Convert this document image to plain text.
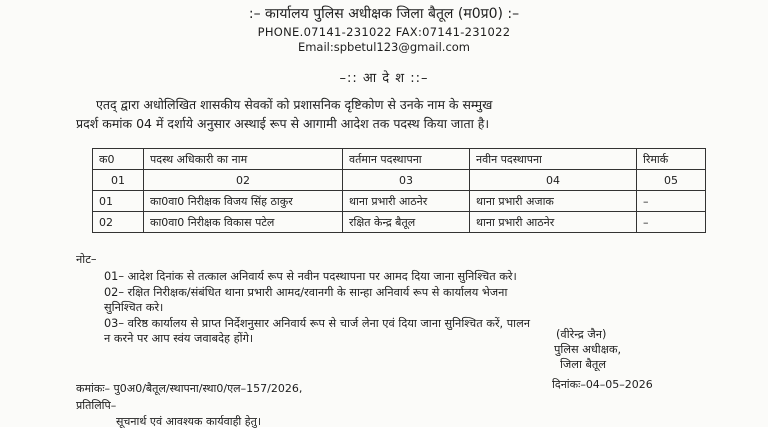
:– कार्यालय पुलिस अधीक्षक जिला बैतूल (म0प्र0) :–
PHONE.07141-231022 FAX:07141-231022
Email:spbetul123@gmail.com
–:: आ दे श ::–
एतद् द्वारा अधोलिखित शासकीय सेवकों को प्रशासनिक दृष्टिकोण से उनके नाम के सम्मुख
प्रदर्श कमांक 04 में दर्शाये अनुसार अस्थाई रूप से आगामी आदेश तक पदस्थ किया जाता है।
क0	पदस्थ अधिकारी का नाम	वर्तमान पदस्थापना	नवीन पदस्थापना	रिमार्क
01	02	03	04	05
01	का0वा0 निरीक्षक विजय सिंह ठाकुर	थाना प्रभारी आठनेर	थाना प्रभारी अजाक	–
02	का0वा0 निरीक्षक विकास पटेल	रक्षित केन्द्र बैतूल	थाना प्रभारी आठनेर	–
नोट–
01– आदेश दिनांक से तत्काल अनिवार्य रूप से नवीन पदस्थापना पर आमद दिया जाना सुनिश्चित करे।
02– रक्षित निरीक्षक/संबंधित थाना प्रभारी आमद/रवानगी के सान्हा अनिवार्य रूप से कार्यालय भेजना
सुनिश्चित करे।
03– वरिष्ठ कार्यालय से प्राप्त निर्देशनुसार अनिवार्य रूप से चार्ज लेना एवं दिया जाना सुनिश्चित करें, पालन
न करने पर आप स्वंय जवाबदेह होंगे।	(वीरेन्द्र जैन)
पुलिस अधीक्षक,
जिला बैतूल
कमांकः– पु0अ0/बैतूल/स्थापना/स्था0/एल–157/2026,	दिनांकः–04–05–2026
प्रतिलिपि–
सूचनार्थ एवं आवश्यक कार्यवाही हेतु।
